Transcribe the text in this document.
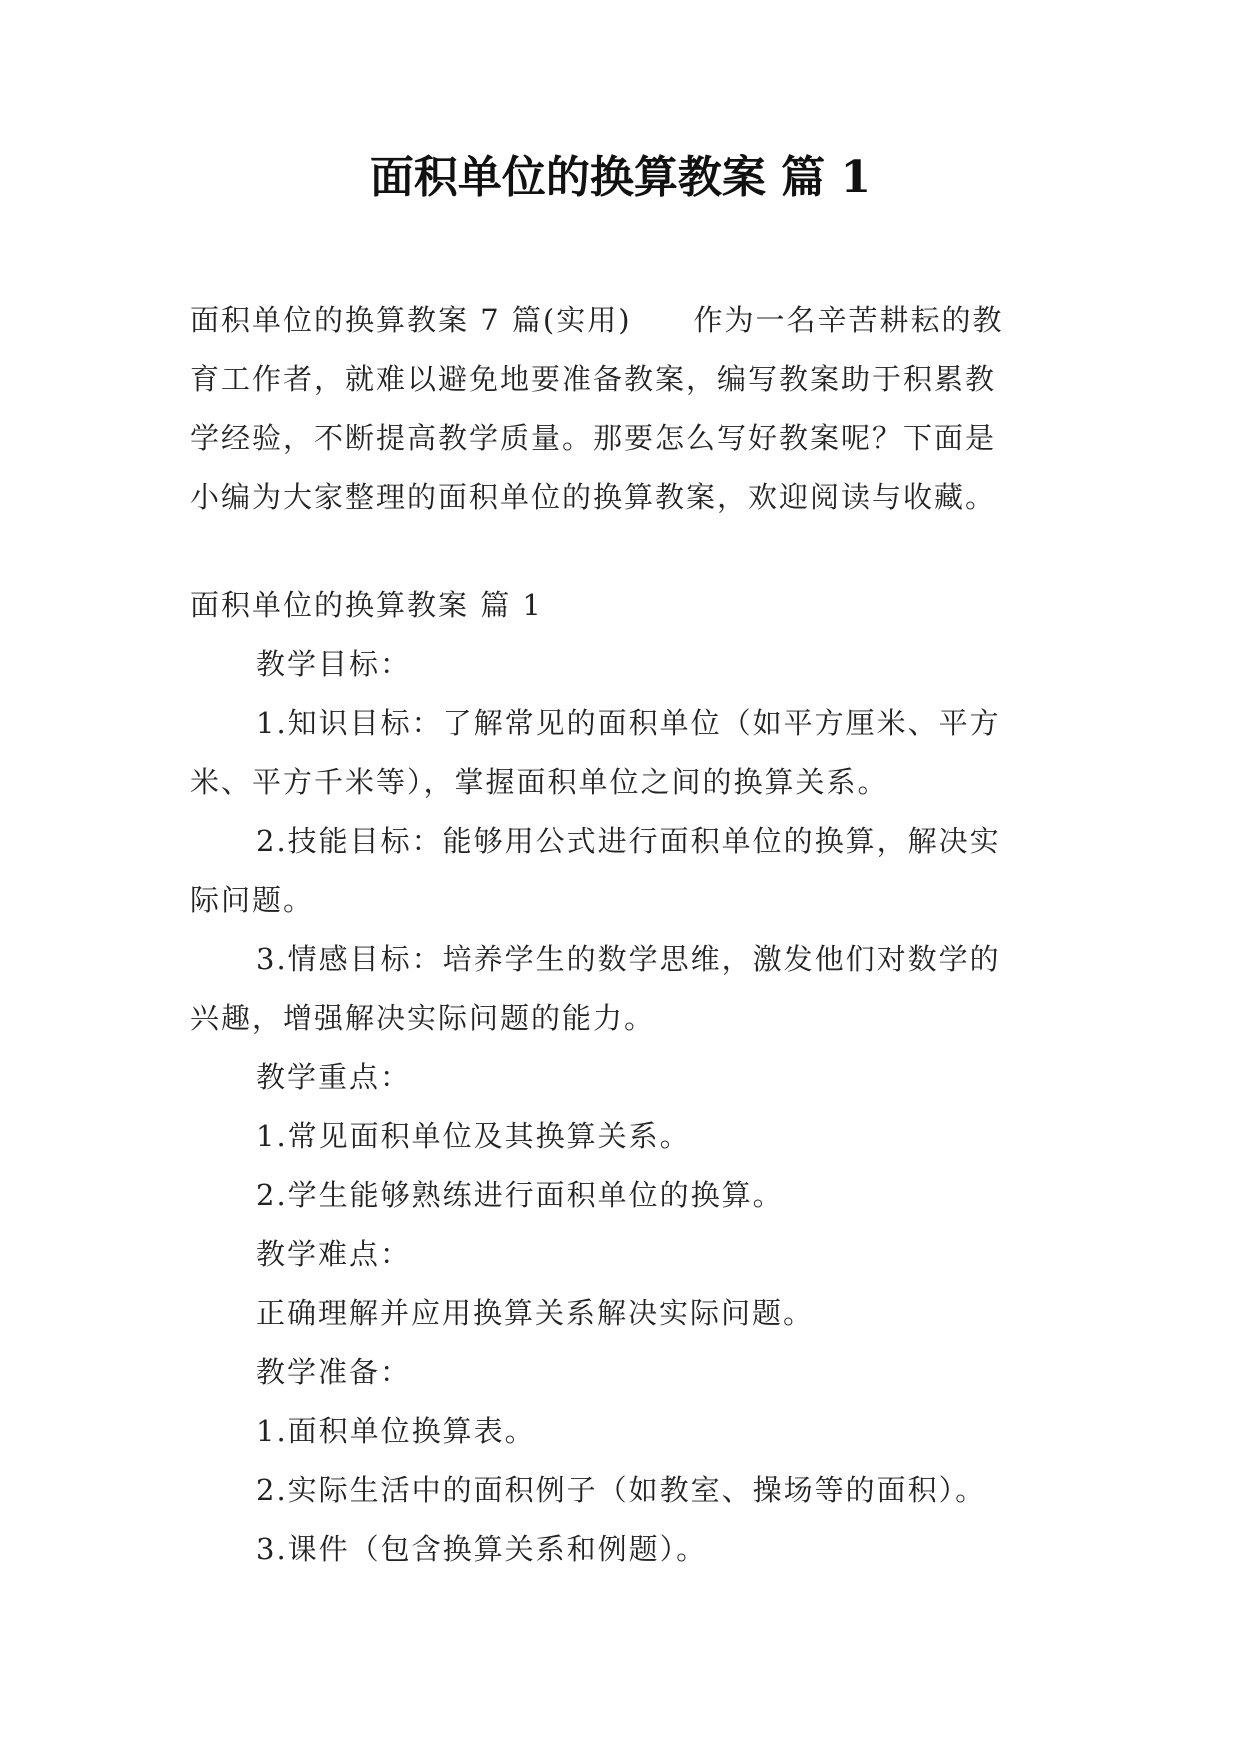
面积单位的换算教案 篇 1
面积单位的换算教案 7 篇(实用)　　作为一名辛苦耕耘的教
育工作者，就难以避免地要准备教案，编写教案助于积累教
学经验，不断提高教学质量。那要怎么写好教案呢？下面是
小编为大家整理的面积单位的换算教案，欢迎阅读与收藏。
面积单位的换算教案 篇 1
教学目标：
1.知识目标：了解常见的面积单位（如平方厘米、平方
米、平方千米等），掌握面积单位之间的换算关系。
2.技能目标：能够用公式进行面积单位的换算，解决实
际问题。
3.情感目标：培养学生的数学思维，激发他们对数学的
兴趣，增强解决实际问题的能力。
教学重点：
1.常见面积单位及其换算关系。
2.学生能够熟练进行面积单位的换算。
教学难点：
正确理解并应用换算关系解决实际问题。
教学准备：
1.面积单位换算表。
2.实际生活中的面积例子（如教室、操场等的面积）。
3.课件（包含换算关系和例题）。
